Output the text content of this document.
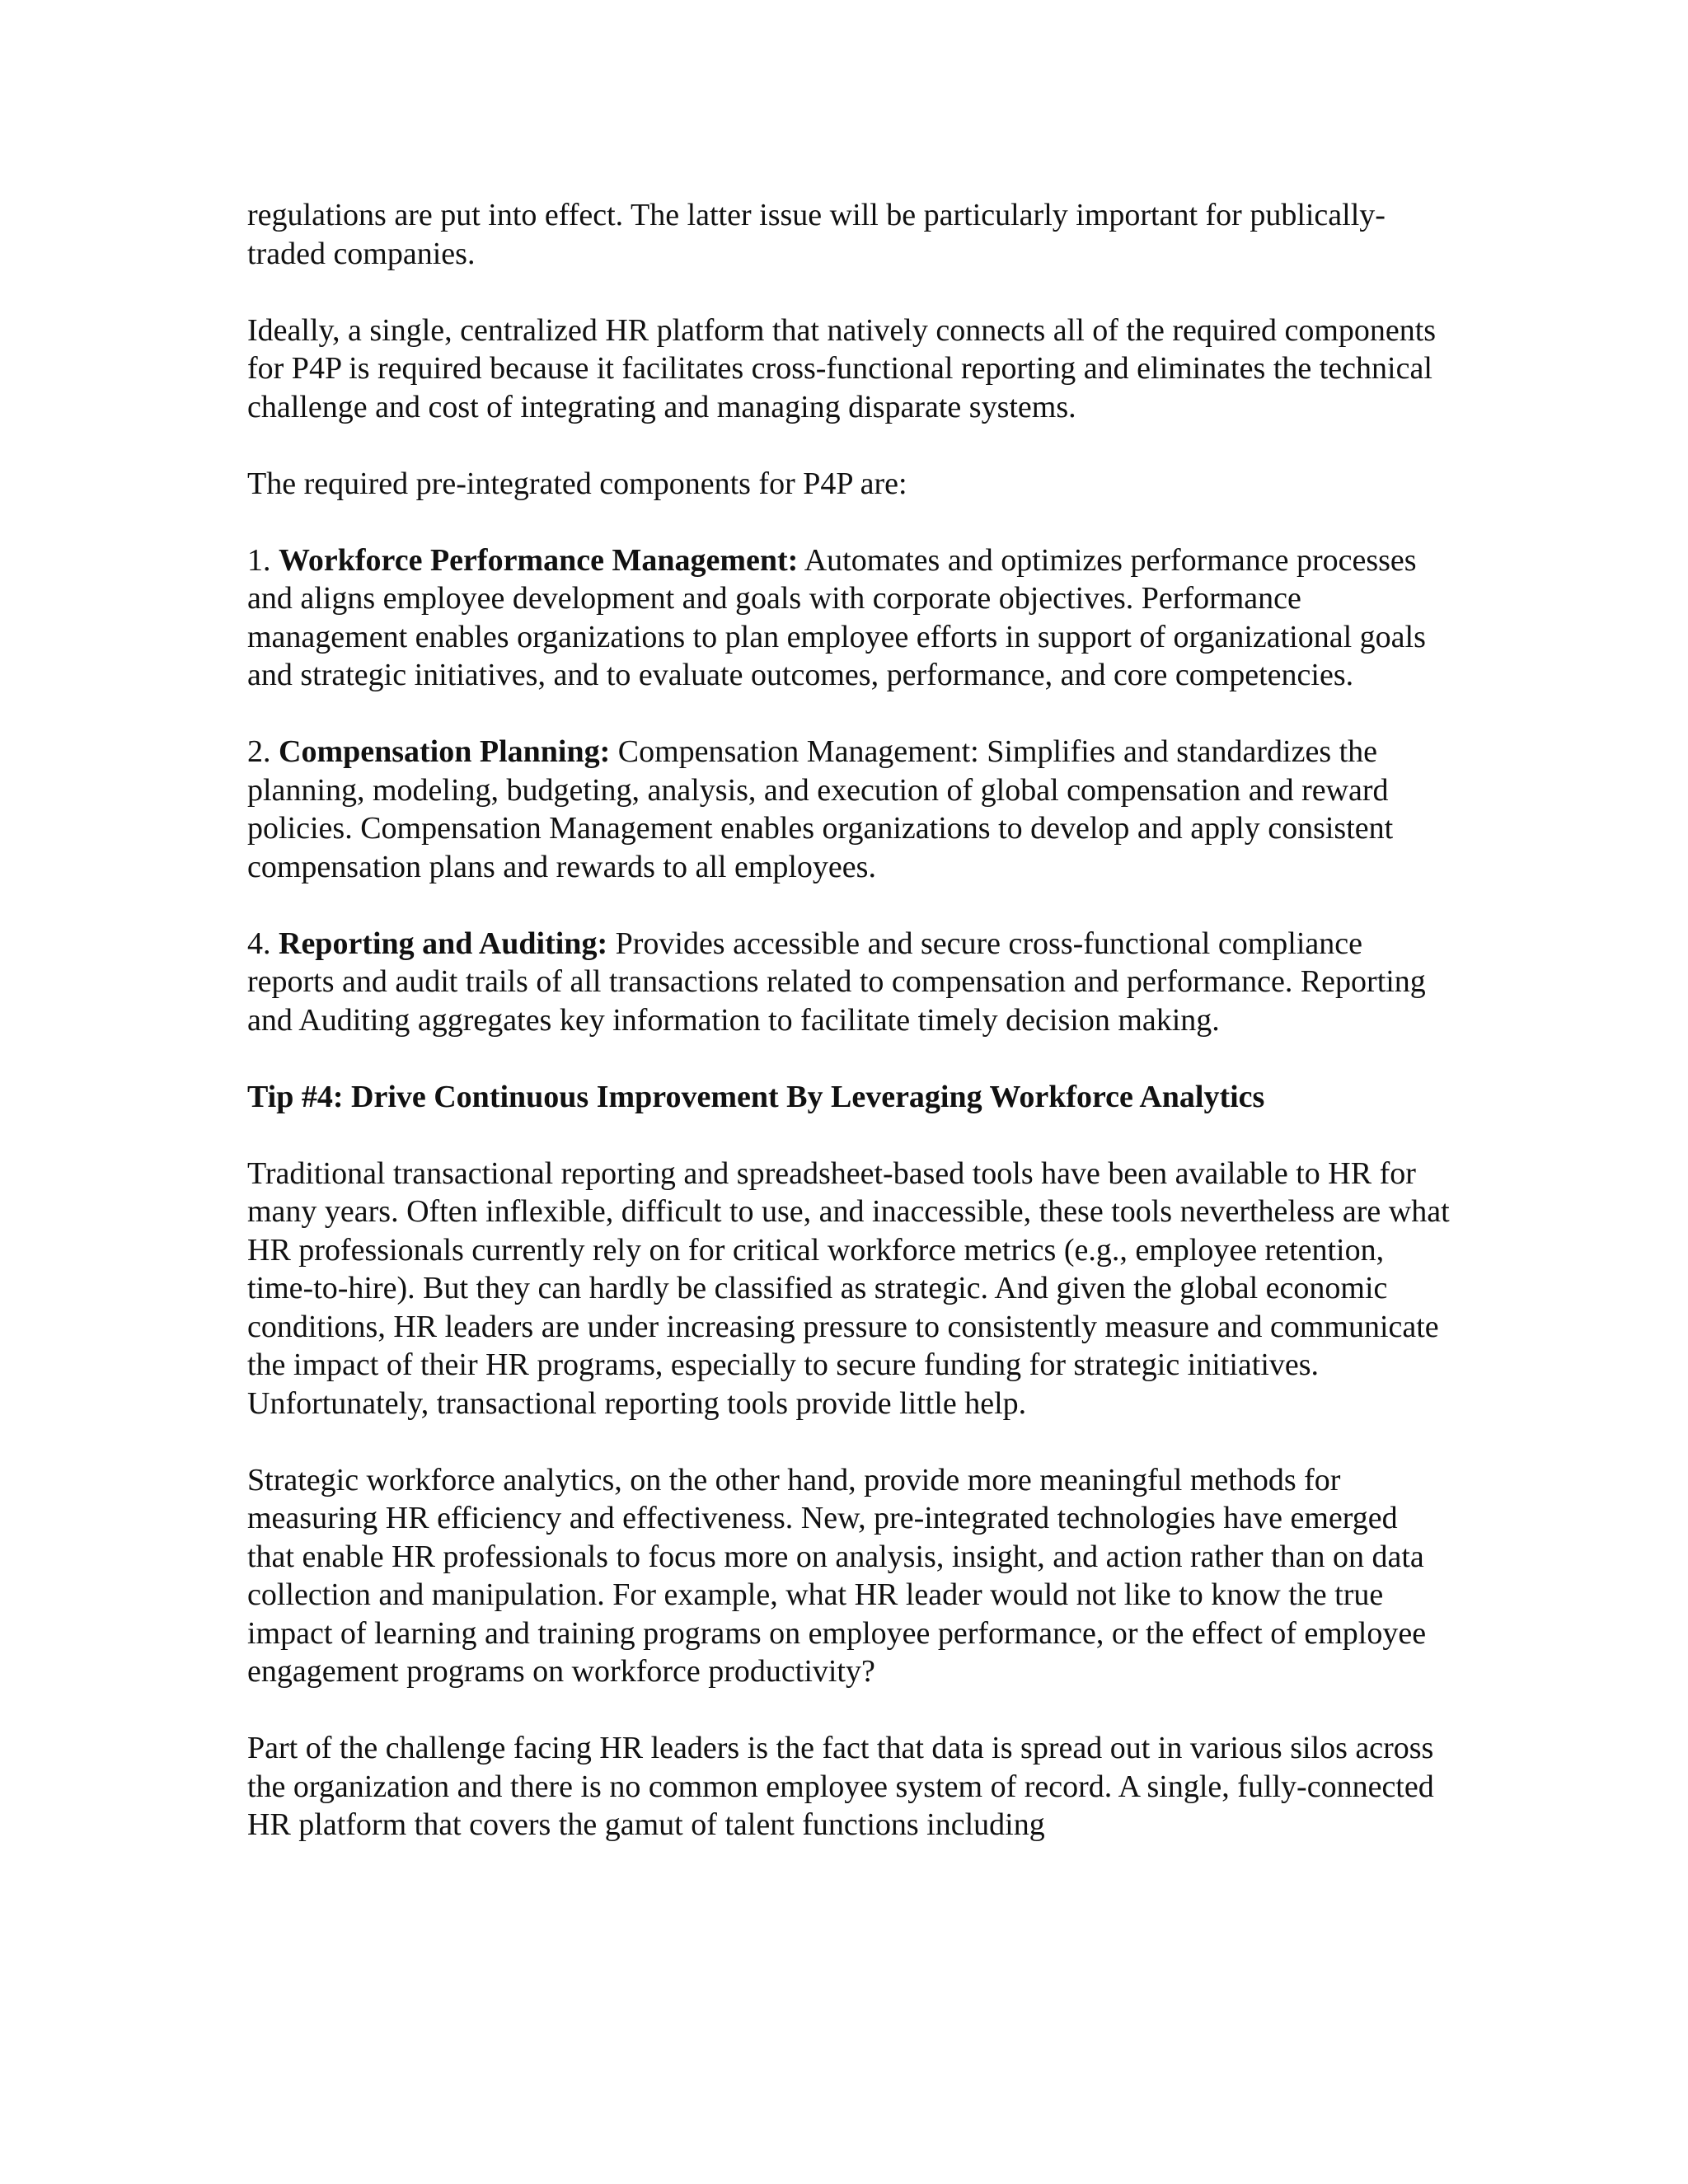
regulations are put into effect. The latter issue will be particularly important for publically-traded companies.

Ideally, a single, centralized HR platform that natively connects all of the required components for P4P is required because it facilitates cross-functional reporting and eliminates the technical challenge and cost of integrating and managing disparate systems.

The required pre-integrated components for P4P are:

1. Workforce Performance Management: Automates and optimizes performance processes and aligns employee development and goals with corporate objectives. Performance management enables organizations to plan employee efforts in support of organizational goals and strategic initiatives, and to evaluate outcomes, performance, and core competencies.

2. Compensation Planning: Compensation Management: Simplifies and standardizes the planning, modeling, budgeting, analysis, and execution of global compensation and reward policies. Compensation Management enables organizations to develop and apply consistent compensation plans and rewards to all employees.

4. Reporting and Auditing: Provides accessible and secure cross-functional compliance reports and audit trails of all transactions related to compensation and performance. Reporting and Auditing aggregates key information to facilitate timely decision making.

Tip #4: Drive Continuous Improvement By Leveraging Workforce Analytics

Traditional transactional reporting and spreadsheet-based tools have been available to HR for many years. Often inflexible, difficult to use, and inaccessible, these tools nevertheless are what HR professionals currently rely on for critical workforce metrics (e.g., employee retention, time-to-hire). But they can hardly be classified as strategic. And given the global economic conditions, HR leaders are under increasing pressure to consistently measure and communicate the impact of their HR programs, especially to secure funding for strategic initiatives. Unfortunately, transactional reporting tools provide little help.

Strategic workforce analytics, on the other hand, provide more meaningful methods for measuring HR efficiency and effectiveness. New, pre-integrated technologies have emerged that enable HR professionals to focus more on analysis, insight, and action rather than on data collection and manipulation. For example, what HR leader would not like to know the true impact of learning and training programs on employee performance, or the effect of employee engagement programs on workforce productivity?

Part of the challenge facing HR leaders is the fact that data is spread out in various silos across the organization and there is no common employee system of record. A single, fully-connected HR platform that covers the gamut of talent functions including
